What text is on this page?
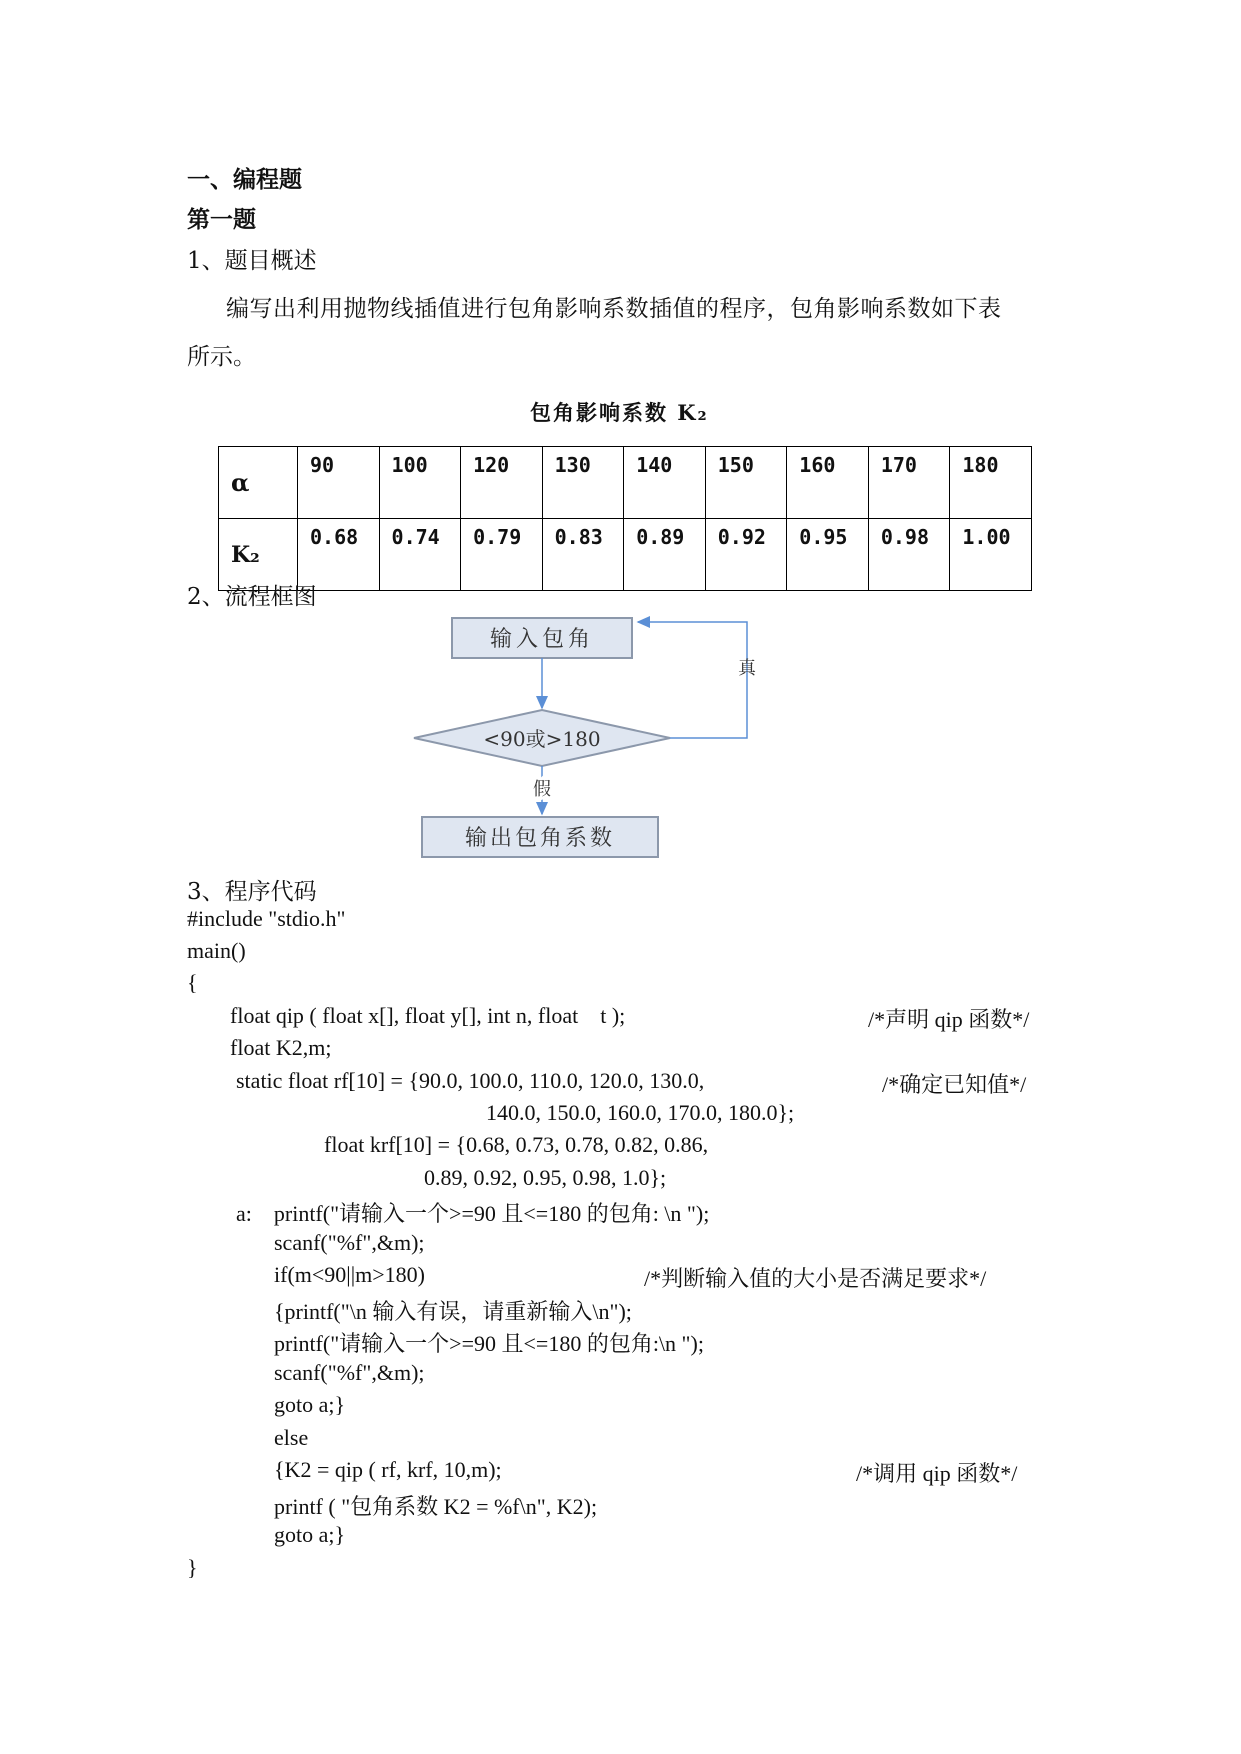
一、编程题
第一题
1、题目概述
编写出利用抛物线插值进行包角影响系数插值的程序，包角影响系数如下表
所示。
包角影响系数 K₂
α	90	100	120	130	140	150	160	170	180
K₂	0.68	0.74	0.79	0.83	0.89	0.92	0.95	0.98	1.00
2、流程框图
输入包角
<90或>180
真
假
输出包角系数
3、程序代码
#include "stdio.h"
main()
{
float qip ( float x[], float y[], int n, float    t );	/*声明 qip 函数*/
float K2,m;
static float rf[10] = {90.0, 100.0, 110.0, 120.0, 130.0,	/*确定已知值*/
140.0, 150.0, 160.0, 170.0, 180.0};
float krf[10] = {0.68, 0.73, 0.78, 0.82, 0.86,
0.89, 0.92, 0.95, 0.98, 1.0};
a:    printf("请输入一个>=90 且<=180 的包角: \n ");
scanf("%f",&m);
if(m<90||m>180)	/*判断输入值的大小是否满足要求*/
{printf("\n 输入有误，请重新输入\n");
printf("请输入一个>=90 且<=180 的包角:\n ");
scanf("%f",&m);
goto a;}
else
{K2 = qip ( rf, krf, 10,m);	/*调用 qip 函数*/
printf ( "包角系数 K2 = %f\n", K2);
goto a;}
}
